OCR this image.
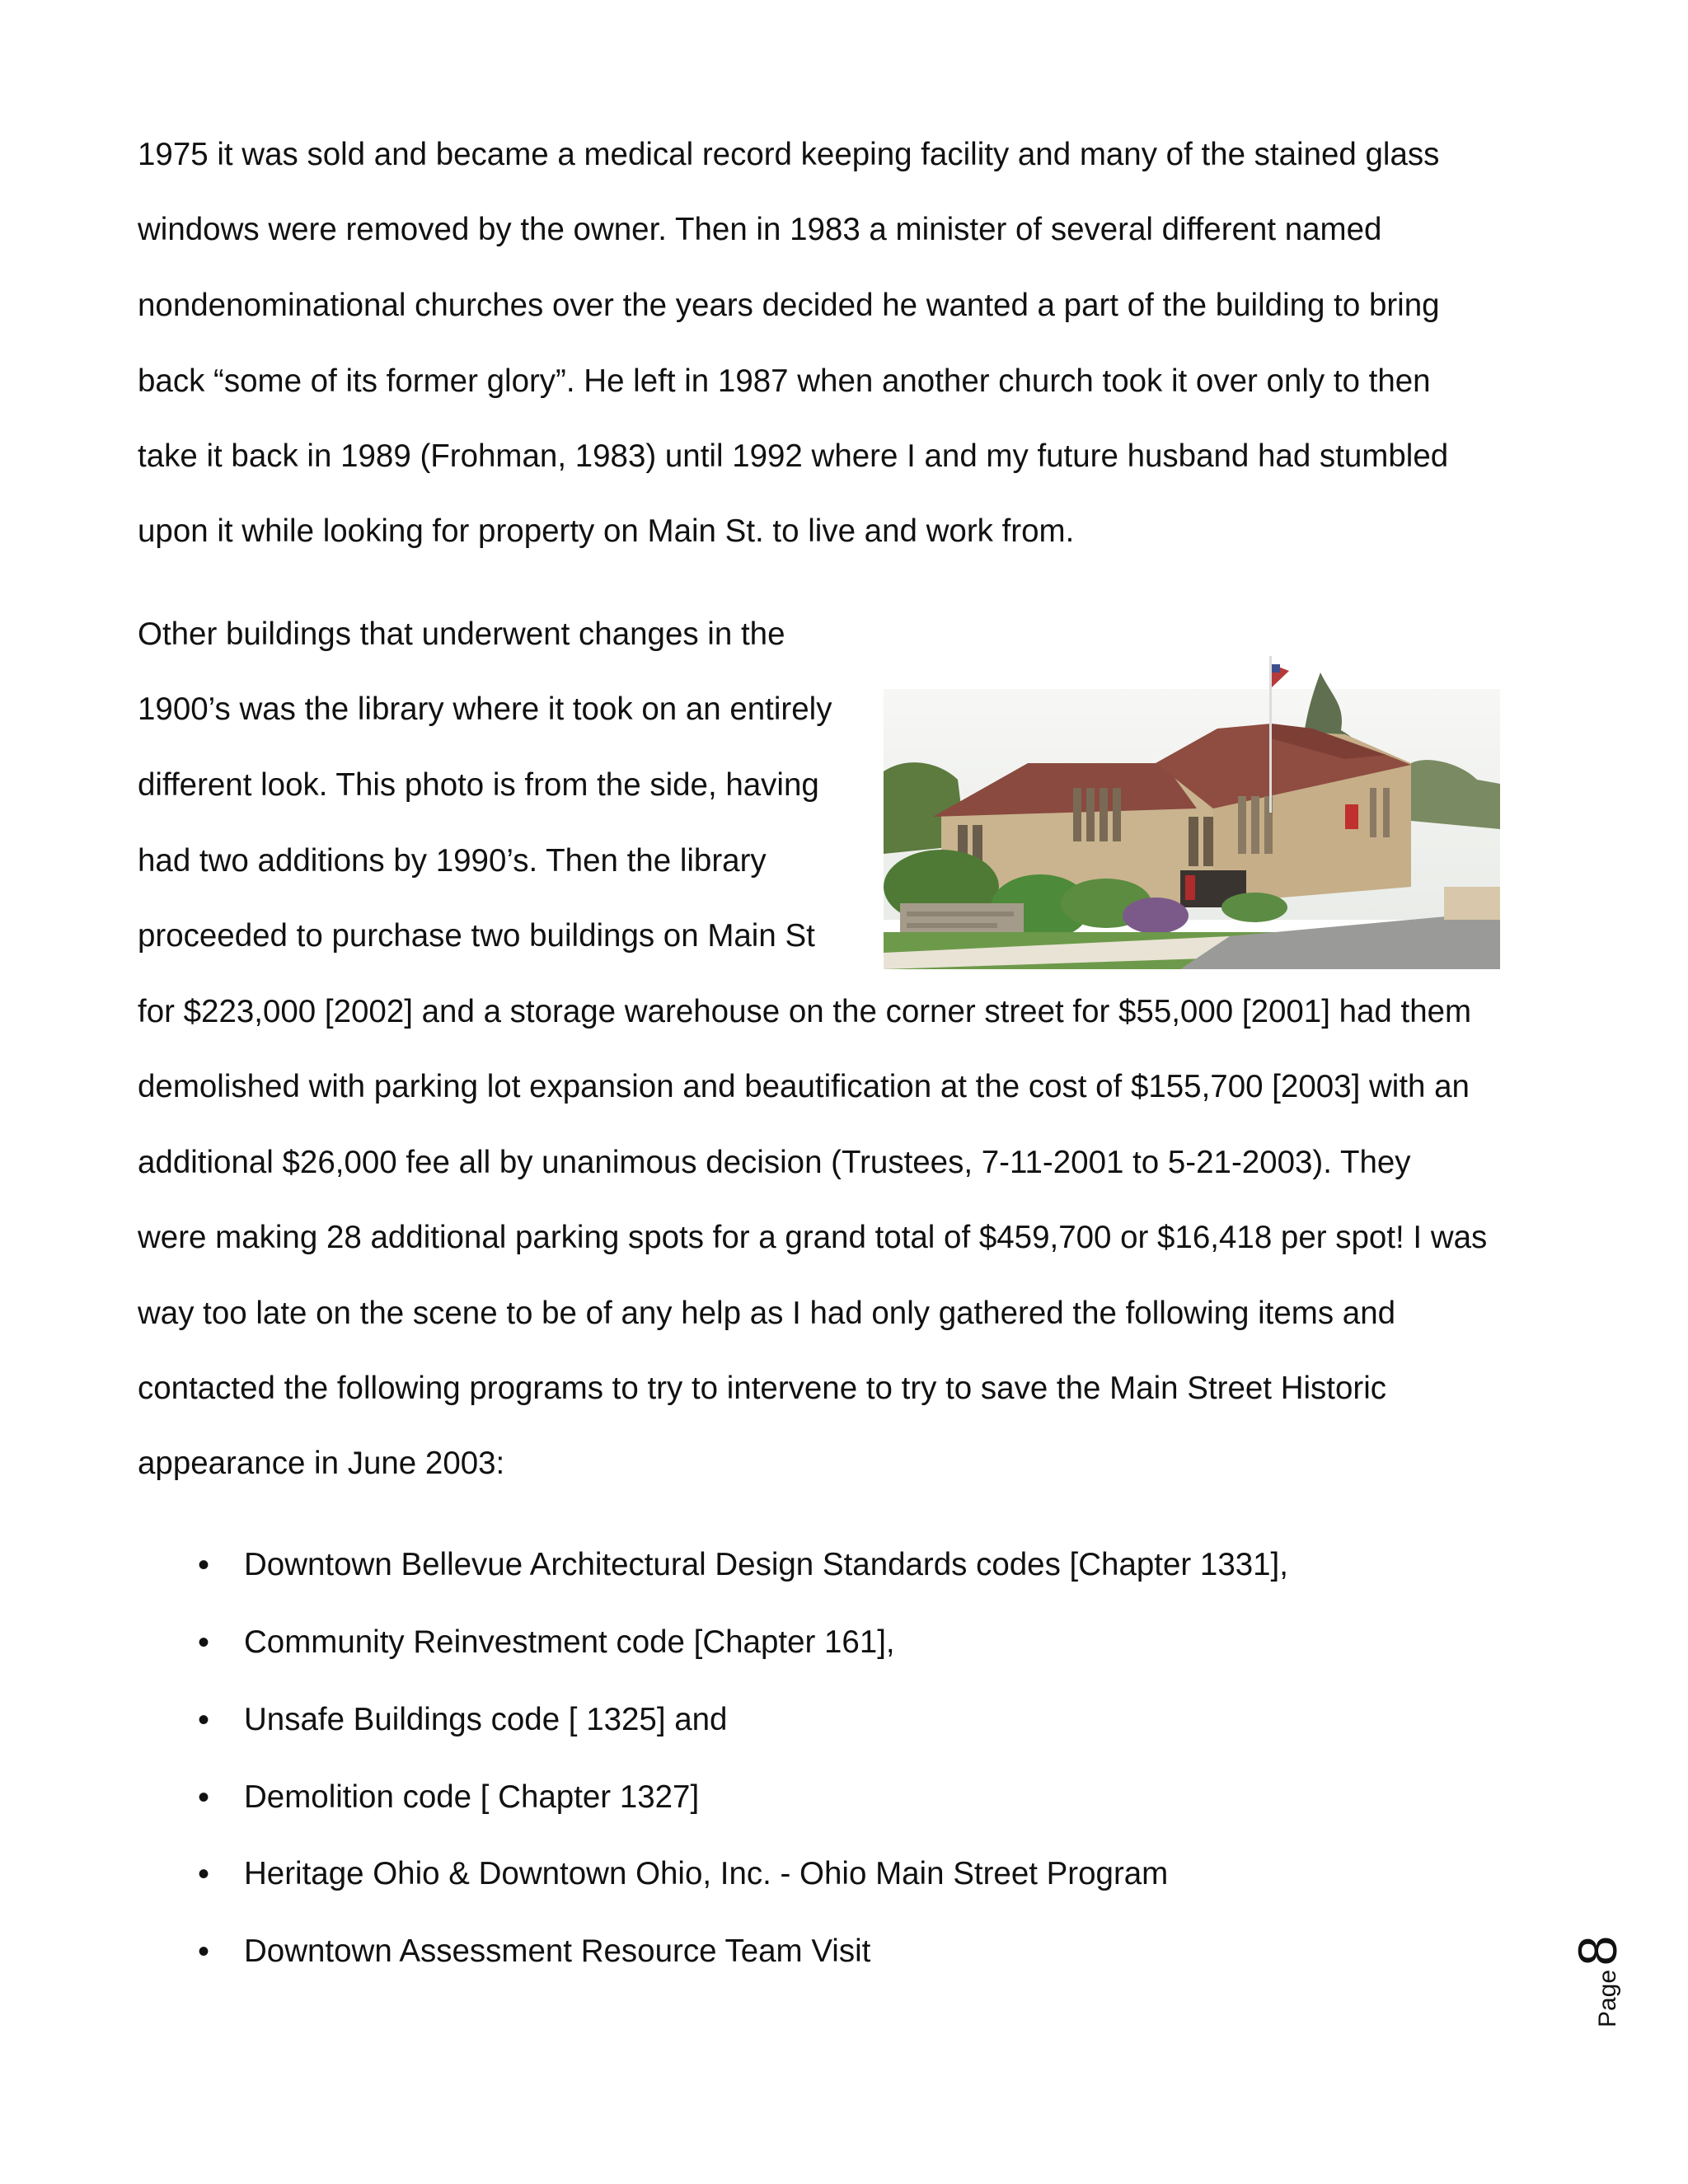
1975 it was sold and became a medical record keeping facility and many of the stained glass

windows were removed by the owner. Then in 1983 a minister of several different named

nondenominational churches over the years decided he wanted a part of the building to bring

back “some of its former glory”. He left in 1987 when another church took it over only to then

take it back in 1989 (Frohman, 1983) until 1992 where I and my future husband had stumbled

upon it while looking for property on Main St. to live and work from.

Other buildings that underwent changes in the

1900’s was the library where it took on an entirely

different look. This photo is from the side, having

had two additions by 1990’s. Then the library

proceeded to purchase two buildings on Main St

for $223,000 [2002] and a storage warehouse on the corner street for $55,000 [2001] had them

demolished with parking lot expansion and beautification at the cost of $155,700 [2003] with an

additional $26,000 fee all by unanimous decision (Trustees, 7-11-2001 to 5-21-2003). They

were making 28 additional parking spots for a grand total of $459,700 or $16,418 per spot! I was

way too late on the scene to be of any help as I had only gathered the following items and

contacted the following programs to try to intervene to try to save the Main Street Historic

appearance in June 2003:

• Downtown Bellevue Architectural Design Standards codes [Chapter 1331],
• Community Reinvestment code [Chapter 161],
• Unsafe Buildings code [ 1325] and
• Demolition code [ Chapter 1327]
• Heritage Ohio & Downtown Ohio, Inc. - Ohio Main Street Program
• Downtown Assessment Resource Team Visit	8
Page
